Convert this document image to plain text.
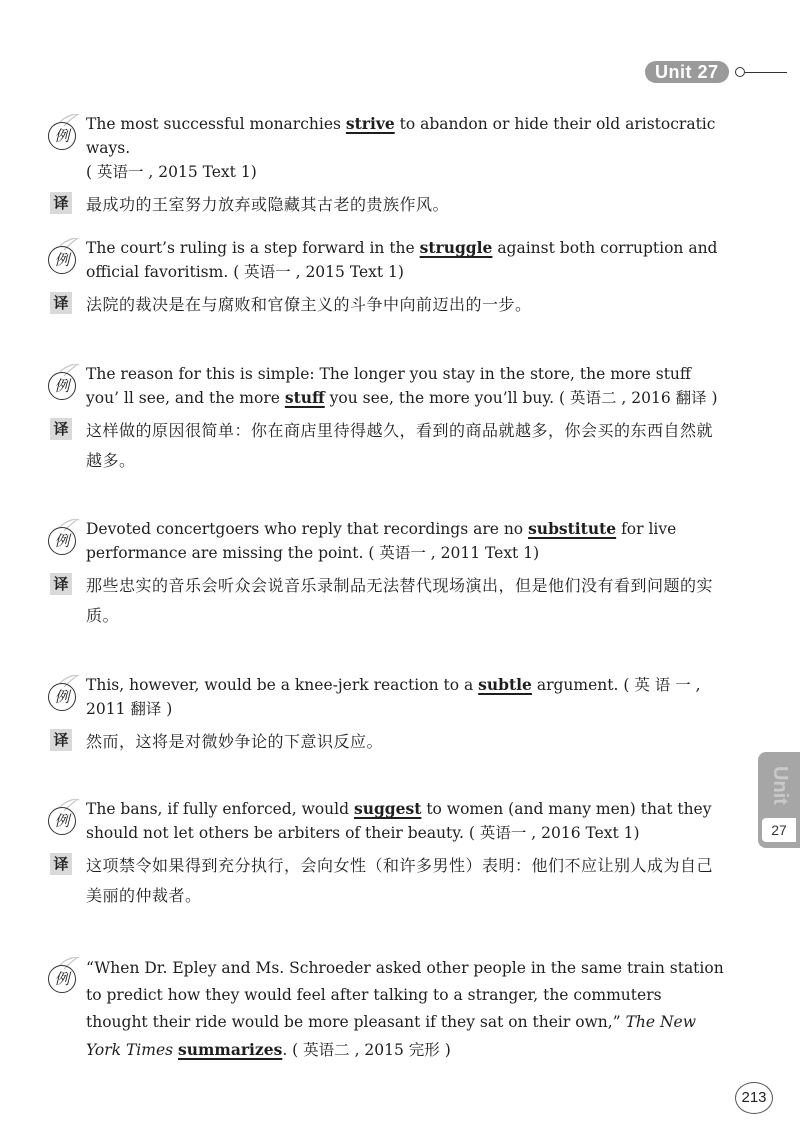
Unit 27
Unit
27
例
The most successful monarchies strive to abandon or hide their old aristocratic ways.
( 英语一 , 2015 Text 1)
译 最成功的王室努力放弃或隐藏其古老的贵族作风。
例
The court’s ruling is a step forward in the struggle against both corruption and official favoritism. ( 英语一 , 2015 Text 1)
译 法院的裁决是在与腐败和官僚主义的斗争中向前迈出的一步。
例
The reason for this is simple: The longer you stay in the store, the more stuff you’ ll see, and the more stuff you see, the more you’ll buy. ( 英语二 , 2016 翻译 )
译 这样做的原因很简单：你在商店里待得越久，看到的商品就越多，你会买的东西自然就越多。
例
Devoted concertgoers who reply that recordings are no substitute for live performance are missing the point. ( 英语一 , 2011 Text 1)
译 那些忠实的音乐会听众会说音乐录制品无法替代现场演出，但是他们没有看到问题的实质。
例
This, however, would be a knee-jerk reaction to a subtle argument. ( 英 语 一 , 2011 翻译 )
译 然而，这将是对微妙争论的下意识反应。
例
The bans, if fully enforced, would suggest to women (and many men) that they should not let others be arbiters of their beauty. ( 英语一 , 2016 Text 1)
译 这项禁令如果得到充分执行，会向女性（和许多男性）表明：他们不应让别人成为自己美丽的仲裁者。
例
“When Dr. Epley and Ms. Schroeder asked other people in the same train station to predict how they would feel after talking to a stranger, the commuters thought their ride would be more pleasant if they sat on their own,” The New York Times summarizes. ( 英语二 , 2015 完形 )
213
